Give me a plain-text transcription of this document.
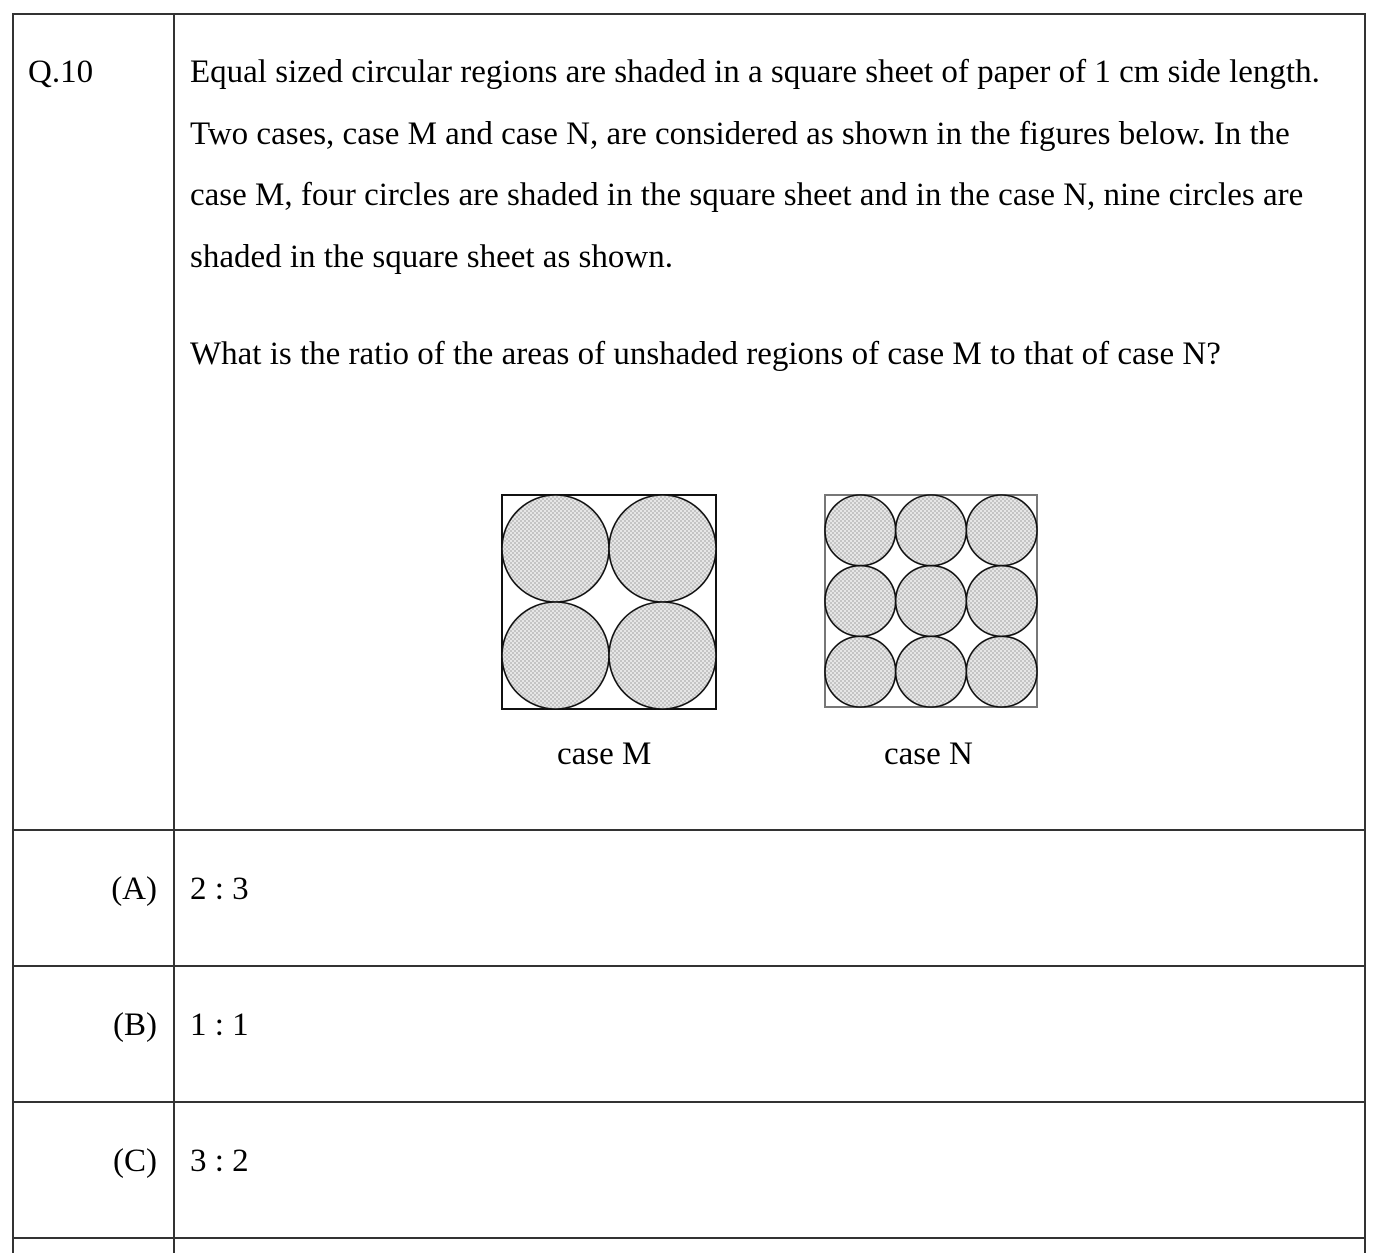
Q.10	Equal sized circular regions are shaded in a square sheet of paper of 1 cm side length. Two cases, case M and case N, are considered as shown in the figures below. In the case M, four circles are shaded in the square sheet and in the case N, nine circles are shaded in the square sheet as shown.

What is the ratio of the areas of unshaded regions of case M to that of case N?

case M	case N
(A) 2 : 3
(B) 1 : 1
(C) 3 : 2
